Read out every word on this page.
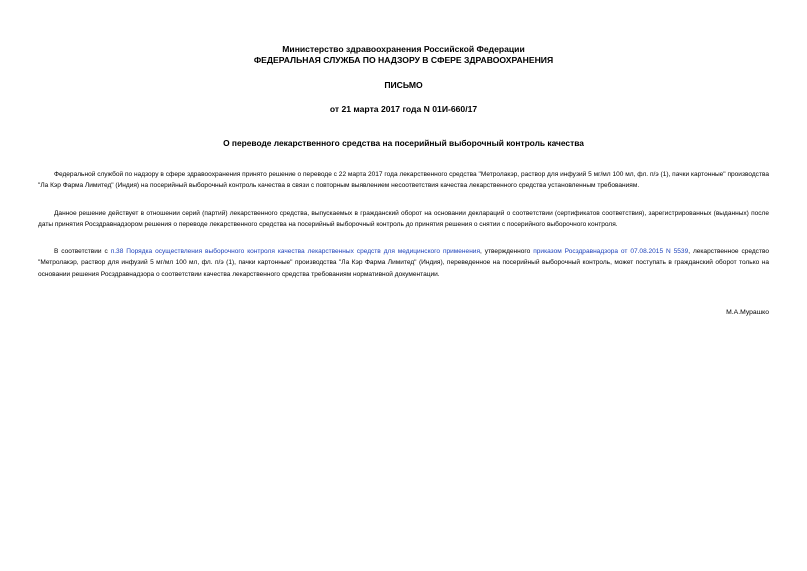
Министерство здравоохранения Российской Федерации

ФЕДЕРАЛЬНАЯ СЛУЖБА ПО НАДЗОРУ В СФЕРЕ ЗДРАВООХРАНЕНИЯ

ПИСЬМО

от 21 марта 2017 года N 01И-660/17

О переводе лекарственного средства на посерийный выборочный контроль качества

Федеральной службой по надзору в сфере здравоохранения принято решение о переводе с 22 марта 2017 года лекарственного средства "Метролакэр, раствор для инфузий 5 мг/мл 100 мл, фл. п/э (1), пачки картонные" производства "Ла Кэр Фарма Лимитед" (Индия) на посерийный выборочный контроль качества в связи с повторным выявлением несоответствия качества лекарственного средства установленным требованиям.

Данное решение действует в отношении серий (партий) лекарственного средства, выпускаемых в гражданский оборот на основании деклараций о соответствии (сертификатов соответствия), зарегистрированных (выданных) после даты принятия Росздравнадзором решения о переводе лекарственного средства на посерийный выборочный контроль до принятия решения о снятии с посерийного выборочного контроля.

В соответствии с п.38 Порядка осуществления выборочного контроля качества лекарственных средств для медицинского применения, утвержденного приказом Росздравнадзора от 07.08.2015 N 5539, лекарственное средство "Метролакэр, раствор для инфузий 5 мг/мл 100 мл, фл. п/э (1), пачки картонные" производства "Ла Кэр Фарма Лимитед" (Индия), переведенное на посерийный выборочный контроль, может поступать в гражданский оборот только на основании решения Росздравнадзора о соответствии качества лекарственного средства требованиям нормативной документации.

М.А.Мурашко
